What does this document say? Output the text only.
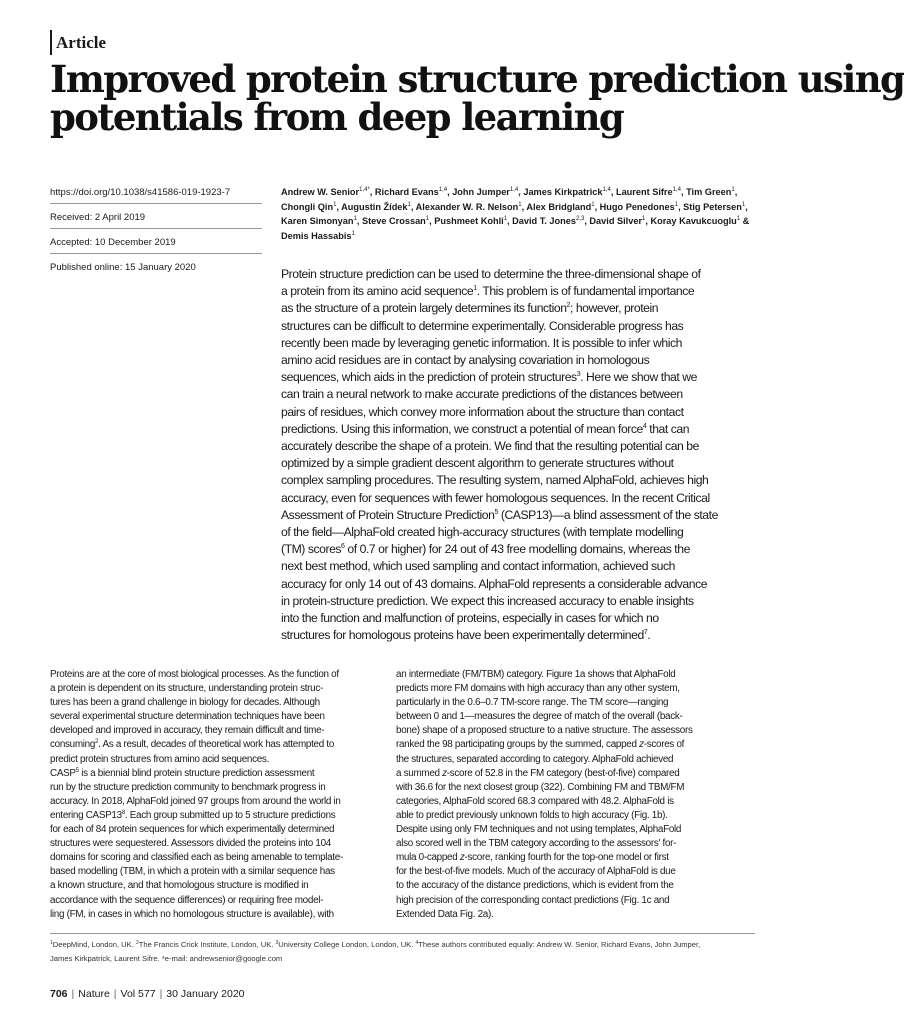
Article
Improved protein structure prediction using
potentials from deep learning
https://doi.org/10.1038/s41586-019-1923-7
Received: 2 April 2019
Accepted: 10 December 2019
Published online: 15 January 2020
Andrew W. Senior$^{1,4*}$, Richard Evans$^{1,4}$, John Jumper$^{1,4}$, James Kirkpatrick$^{1,4}$, Laurent Sifre$^{1,4}$, Tim Green$^1$, Chongli Qin$^1$, Augustin Žídek$^1$, Alexander W. R. Nelson$^1$, Alex Bridgland$^1$, Hugo Penedones$^1$, Stig Petersen$^1$, Karen Simonyan$^1$, Steve Crossan$^1$, Pushmeet Kohli$^1$, David T. Jones$^{2,3}$, David Silver$^1$, Koray Kavukcuoglu$^1$ & Demis Hassabis$^1$
Protein structure prediction can be used to determine the three-dimensional shape of
a protein from its amino acid sequence$^1$. This problem is of fundamental importance
as the structure of a protein largely determines its function$^2$; however, protein
structures can be difficult to determine experimentally. Considerable progress has
recently been made by leveraging genetic information. It is possible to infer which
amino acid residues are in contact by analysing covariation in homologous
sequences, which aids in the prediction of protein structures$^3$. Here we show that we
can train a neural network to make accurate predictions of the distances between
pairs of residues, which convey more information about the structure than contact
predictions. Using this information, we construct a potential of mean force$^4$ that can
accurately describe the shape of a protein. We find that the resulting potential can be
optimized by a simple gradient descent algorithm to generate structures without
complex sampling procedures. The resulting system, named AlphaFold, achieves high
accuracy, even for sequences with fewer homologous sequences. In the recent Critical
Assessment of Protein Structure Prediction$^5$ (CASP13)—a blind assessment of the state
of the field—AlphaFold created high-accuracy structures (with template modelling
(TM) scores$^6$ of 0.7 or higher) for 24 out of 43 free modelling domains, whereas the
next best method, which used sampling and contact information, achieved such
accuracy for only 14 out of 43 domains. AlphaFold represents a considerable advance
in protein-structure prediction. We expect this increased accuracy to enable insights
into the function and malfunction of proteins, especially in cases for which no
structures for homologous proteins have been experimentally determined$^7$.
Proteins are at the core of most biological processes. As the function of
a protein is dependent on its structure, understanding protein struc-
tures has been a grand challenge in biology for decades. Although
several experimental structure determination techniques have been
developed and improved in accuracy, they remain difficult and time-
consuming$^2$. As a result, decades of theoretical work has attempted to
predict protein structures from amino acid sequences.
CASP$^5$ is a biennial blind protein structure prediction assessment
run by the structure prediction community to benchmark progress in
accuracy. In 2018, AlphaFold joined 97 groups from around the world in
entering $CASP13^8$. Each group submitted up to 5 structure predictions
for each of 84 protein sequences for which experimentally determined
structures were sequestered. Assessors divided the proteins into 104
domains for scoring and classified each as being amenable to template-
based modelling (TBM, in which a protein with a similar sequence has
a known structure, and that homologous structure is modified in
accordance with the sequence differences) or requiring free model-
ling (FM, in cases in which no homologous structure is available), with
an intermediate (FM/TBM) category. Figure 1a shows that AlphaFold
predicts more FM domains with high accuracy than any other system,
particularly in the 0.6–0.7 TM-score range. The TM score—ranging
between 0 and 1—measures the degree of match of the overall (back-
bone) shape of a proposed structure to a native structure. The assessors
ranked the 98 participating groups by the summed, capped z-scores of
the structures, separated according to category. AlphaFold achieved
a summed z-score of 52.8 in the FM category (best-of-five) compared
with 36.6 for the next closest group (322). Combining FM and TBM/FM
categories, AlphaFold scored 68.3 compared with 48.2. AlphaFold is
able to predict previously unknown folds to high accuracy (Fig. 1b).
Despite using only FM techniques and not using templates, AlphaFold
also scored well in the TBM category according to the assessors' for-
mula 0-capped z-score, ranking fourth for the top-one model or first
for the best-of-five models. Much of the accuracy of AlphaFold is due
to the accuracy of the distance predictions, which is evident from the
high precision of the corresponding contact predictions (Fig. 1c and
Extended Data Fig. 2a).
$^1$DeepMind, London, UK. $^2$The Francis Crick Institute, London, UK. $^3$University College London, London, UK. $^4$These authors contributed equally: Andrew W. Senior, Richard Evans, John Jumper,
James Kirkpatrick, Laurent Sifre. *e-mail: andrewsenior@google.com
706 | Nature | Vol 577 | 30 January 2020
